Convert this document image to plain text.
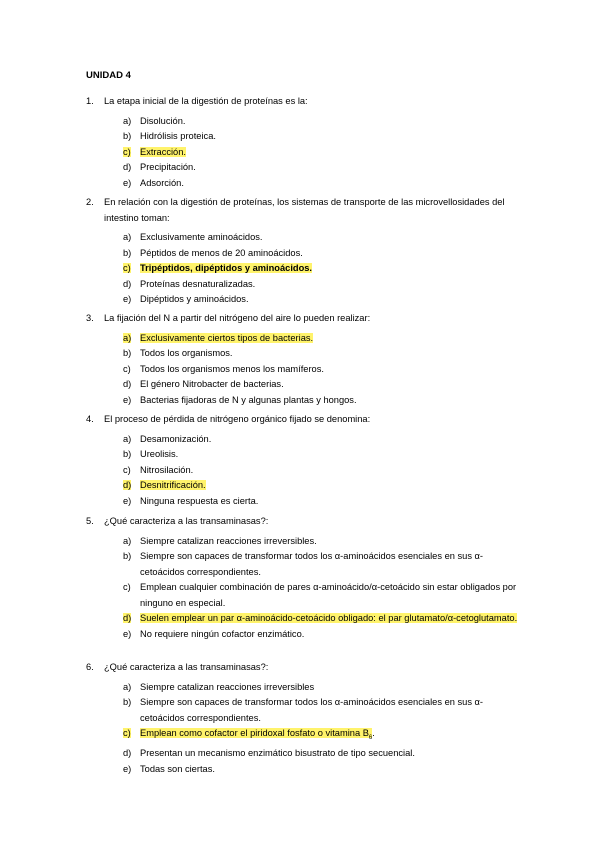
UNIDAD 4
1.	La etapa inicial de la digestión de proteínas es la:
a) Disolución.
b) Hidrólisis proteica.
c) Extracción.
d) Precipitación.
e) Adsorción.
2.	En relación con la digestión de proteínas, los sistemas de transporte de las microvellosidades del intestino toman:
a) Exclusivamente aminoácidos.
b) Péptidos de menos de 20 aminoácidos.
c) Tripéptidos, dipéptidos y aminoácidos.
d) Proteínas desnaturalizadas.
e) Dipéptidos y aminoácidos.
3.	La fijación del N a partir del nitrógeno del aire lo pueden realizar:
a) Exclusivamente ciertos tipos de bacterias.
b) Todos los organismos.
c) Todos los organismos menos los mamíferos.
d) El género Nitrobacter de bacterias.
e) Bacterias fijadoras de N y algunas plantas y hongos.
4.	El proceso de pérdida de nitrógeno orgánico fijado se denomina:
a) Desamonización.
b) Ureolisis.
c) Nitrosilación.
d) Desnitrificación.
e) Ninguna respuesta es cierta.
5.	¿Qué caracteriza a las transaminasas?:
a) Siempre catalizan reacciones irreversibles.
b) Siempre son capaces de transformar todos los α-aminoácidos esenciales en sus α-cetoácidos correspondientes.
c) Emplean cualquier combinación de pares α-aminoácido/α-cetoácido sin estar obligados por ninguno en especial.
d) Suelen emplear un par α-aminoácido-cetoácido obligado: el par glutamato/α-cetoglutamato.
e) No requiere ningún cofactor enzimático.
6.	¿Qué caracteriza a las transaminasas?:
a) Siempre catalizan reacciones irreversibles
b) Siempre son capaces de transformar todos los α-aminoácidos esenciales en sus α-cetoácidos correspondientes.
c) Emplean como cofactor el piridoxal fosfato o vitamina $B_6$.
d) Presentan un mecanismo enzimático bisustrato de tipo secuencial.
e) Todas son ciertas.
